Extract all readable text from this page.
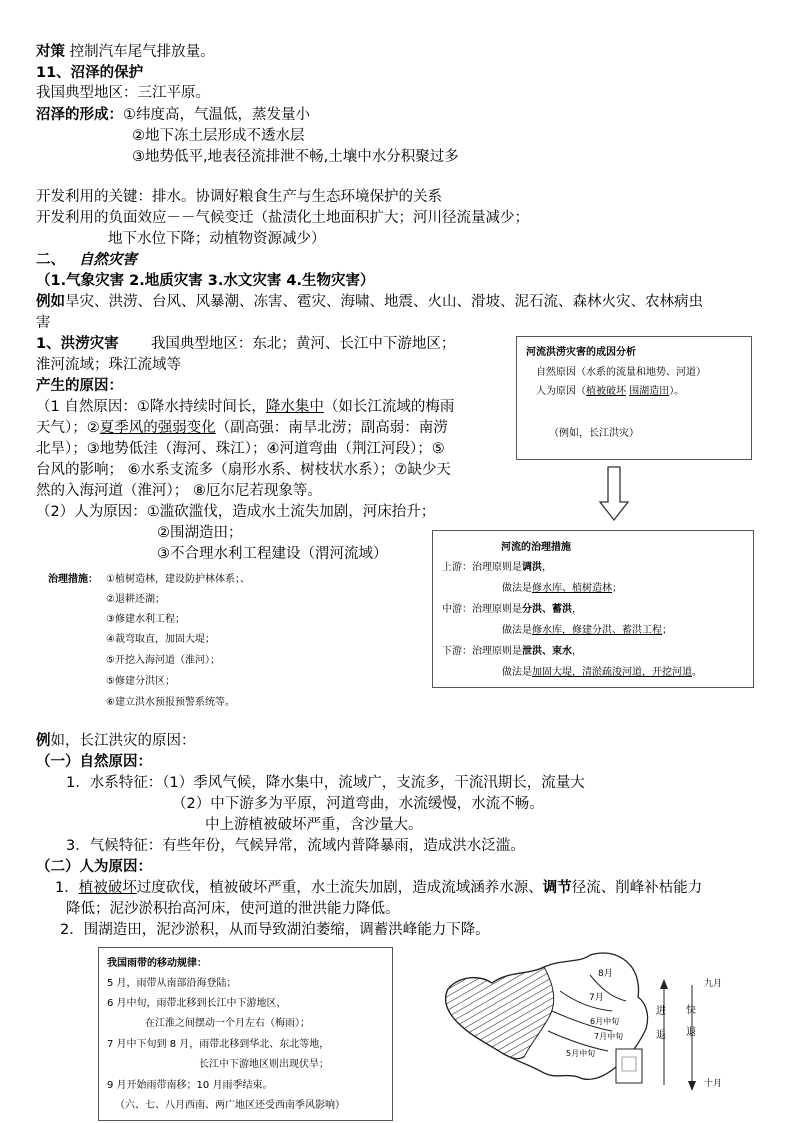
对策 控制汽车尾气排放量。
11、沼泽的保护
我国典型地区：三江平原。
沼泽的形成：①纬度高，气温低，蒸发量小
②地下冻土层形成不透水层
③地势低平,地表径流排泄不畅,土壤中水分积聚过多
开发利用的关键：排水。协调好粮食生产与生态环境保护的关系
开发利用的负面效应－－气候变迁（盐渍化土地面积扩大；河川径流量减少；
地下水位下降；动植物资源减少）
二、 自然灾害
（1.气象灾害 2.地质灾害 3.水文灾害 4.生物灾害）
例如旱灾、洪涝、台风、风暴潮、冻害、雹灾、海啸、地震、火山、滑坡、泥石流、森林火灾、农林病虫
害
1、洪涝灾害 我国典型地区：东北；黄河、长江中下游地区；
淮河流域；珠江流域等
产生的原因：
（1 自然原因：①降水持续时间长，降水集中（如长江流域的梅雨
天气）；②夏季风的强弱变化（副高强：南旱北涝；副高弱：南涝
北旱）；③地势低洼（海河、珠江）；④河道弯曲（荆江河段）；⑤
台风的影响； ⑥水系支流多（扇形水系、树枝状水系）；⑦缺少天
然的入海河道（淮河）； ⑧厄尔尼若现象等。
（2）人为原因：①滥砍滥伐，造成水土流失加剧，河床抬升；
②围湖造田；
③不合理水利工程建设（渭河流域）
治理措施： ①植树造林，建设防护林体系；、
②退耕还湖；
③修建水利工程；
④裁弯取直，加固大堤；
⑤开挖入海河道（淮河）；
⑤修建分洪区；
⑥建立洪水预报预警系统等。
河流洪涝灾害的成因分析
自然原因（水系的流量和地势、河道）
人为原因（植被破坏 围湖造田）。
（例如，长江洪灾）
河流的治理措施
上游：治理原则是调洪，
做法是修水库、植树造林；
中游：治理原则是分洪、蓄洪，
做法是修水库，修建分洪、蓄洪工程；
下游：治理原则是泄洪、束水，
做法是加固大堤，清淤疏浚河道，开挖河道。
例如，长江洪灾的原因：
（一）自然原因：
1．水系特征：（1）季风气候，降水集中，流域广，支流多，干流汛期长，流量大
（2）中下游多为平原，河道弯曲，水流缓慢，水流不畅。
中上游植被破坏严重，含沙量大。
3．气候特征：有些年份，气候异常，流域内普降暴雨，造成洪水泛滥。
（二）人为原因：
1．植被破坏过度砍伐，植被破坏严重，水土流失加剧，造成流域涵养水源、调节径流、削峰补枯能力
降低；泥沙淤积抬高河床，使河道的泄洪能力降低。
2．围湖造田，泥沙淤积，从而导致湖泊萎缩，调蓄洪峰能力下降。
我国雨带的移动规律：
5 月，雨带从南部沿海登陆；
6 月中旬，雨带北移到长江中下游地区，
在江淮之间摆动一个月左右（梅雨）；
7 月中下旬到 8 月，雨带北移到华北、东北等地，
长江中下游地区则出现伏旱；
9 月开始雨带南移；10 月雨季结束。
（六、七、八月西南、两广地区还受西南季风影响）
8月
7月
6月中旬
7月中旬
5月中旬
进退
快退
九月
十月
